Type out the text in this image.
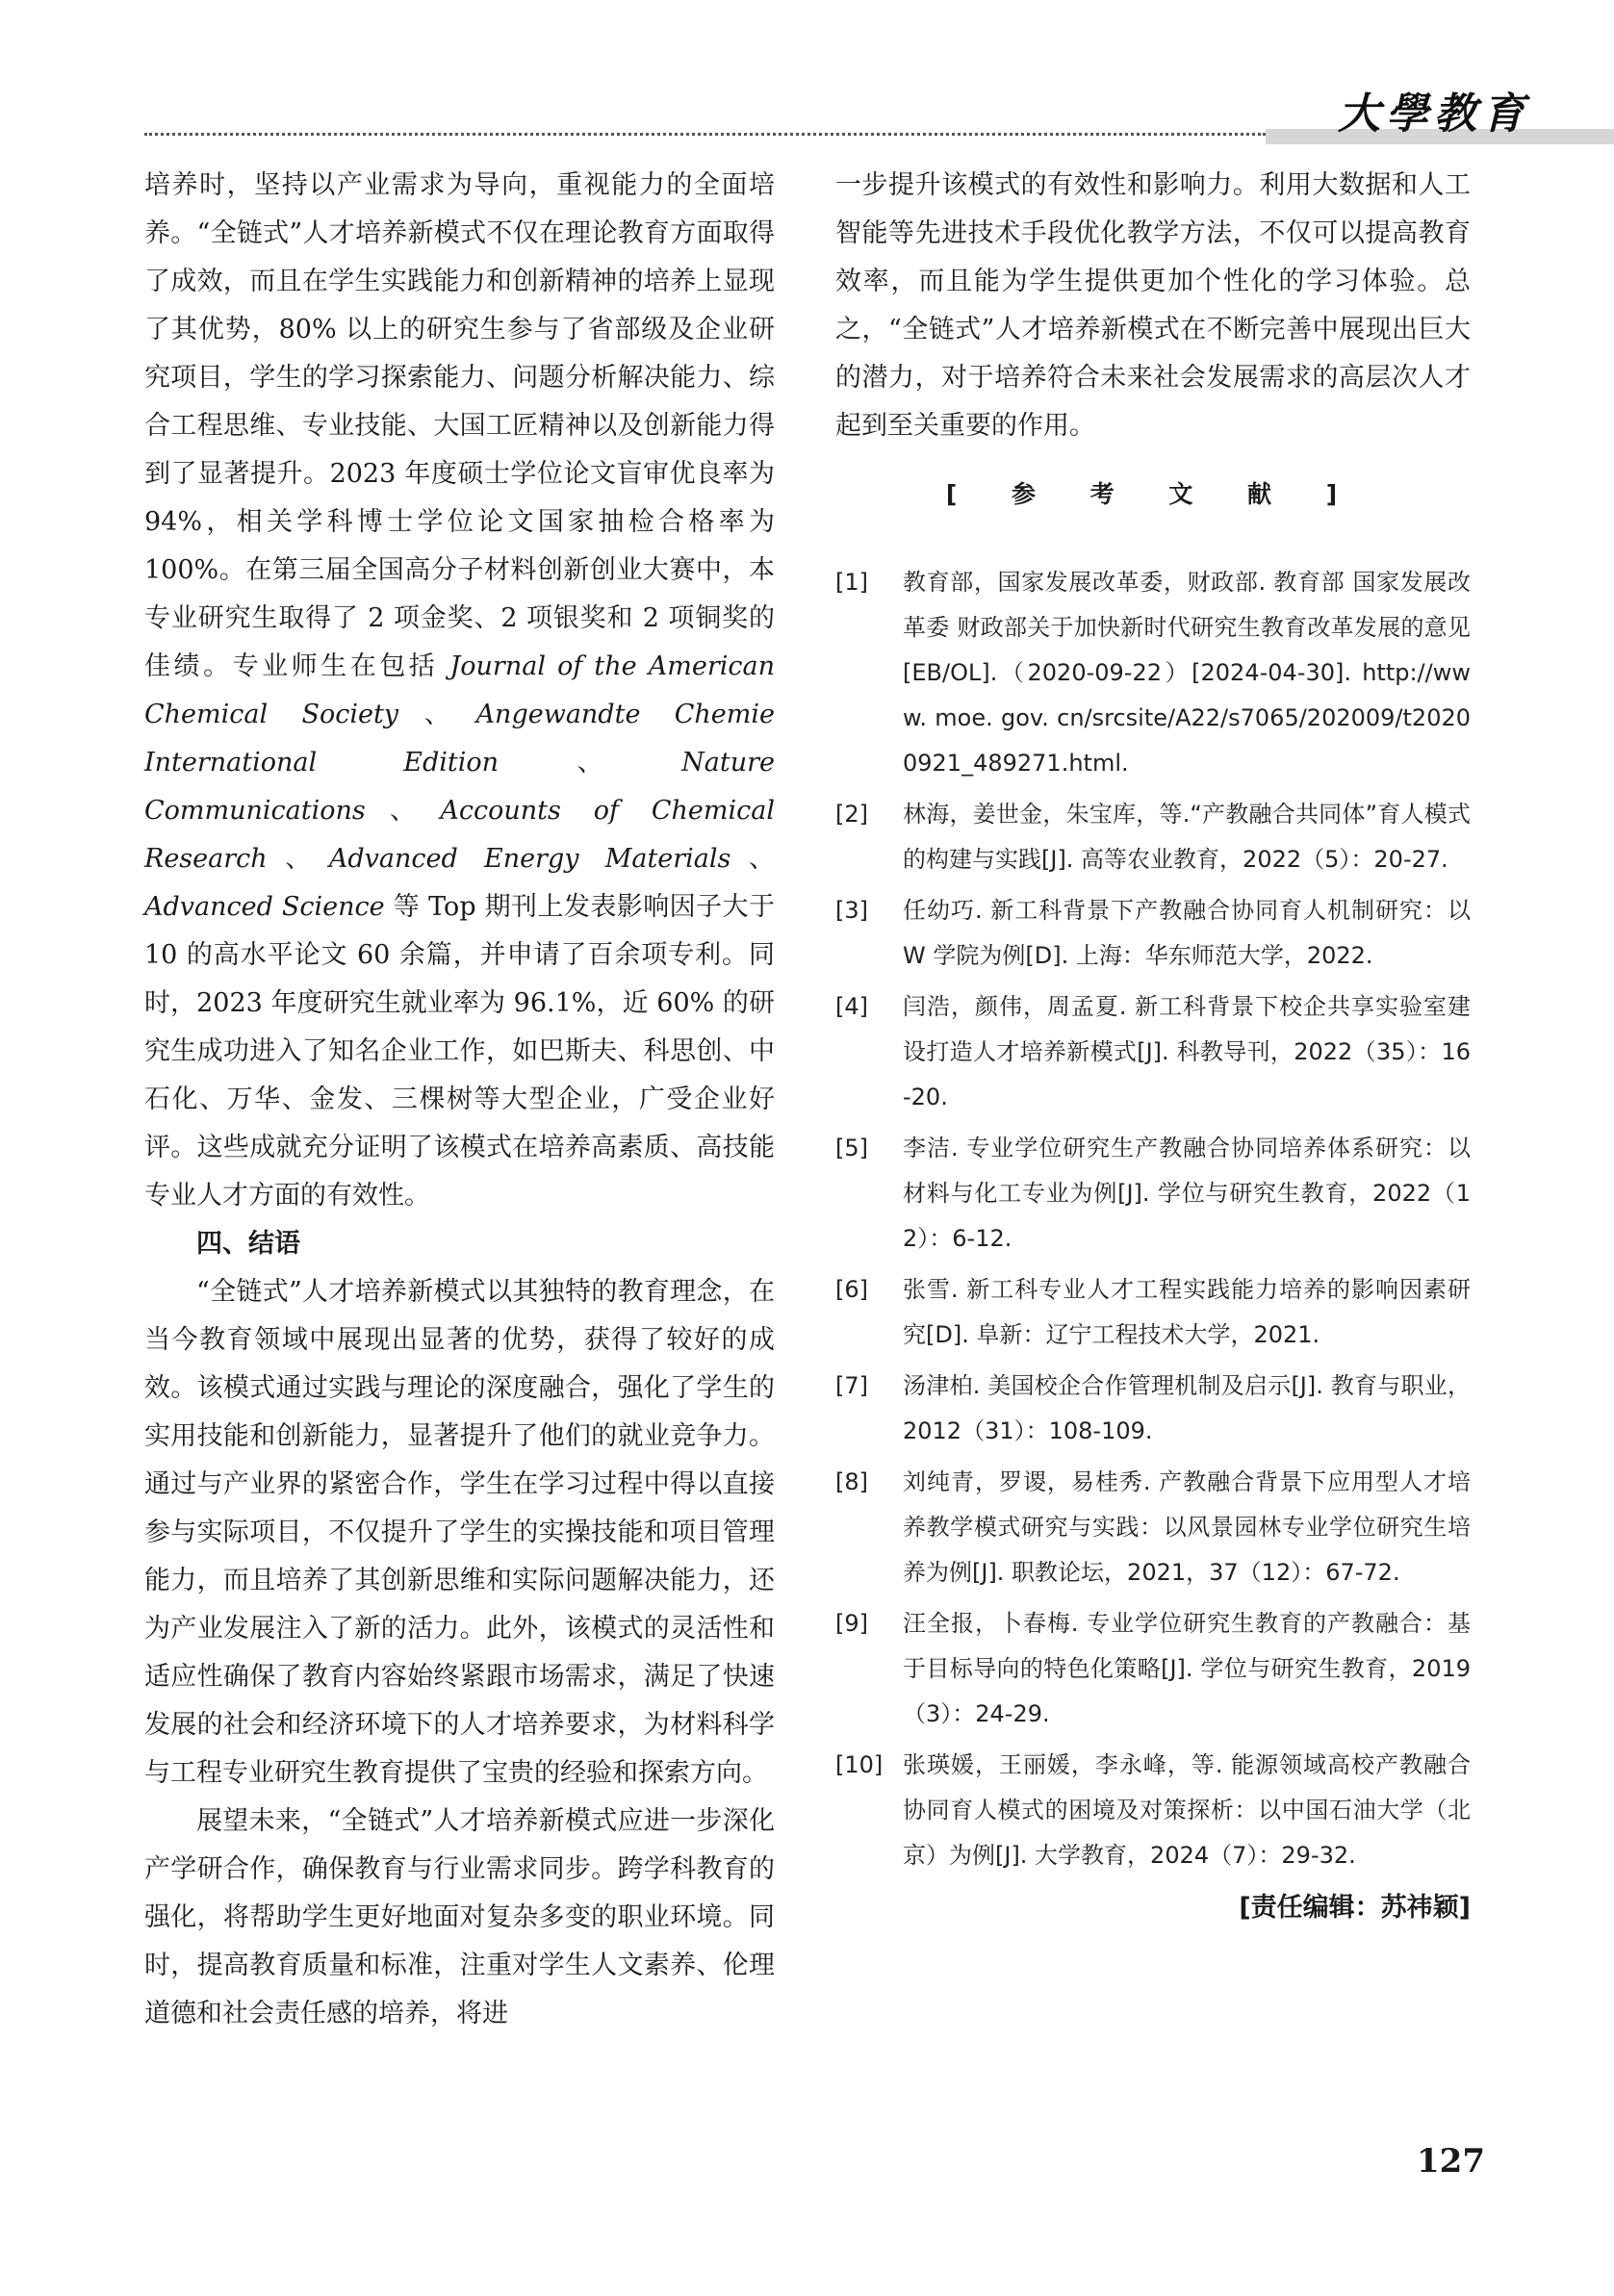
大學教育

培养时，坚持以产业需求为导向，重视能力的全面培养。“全链式”人才培养新模式不仅在理论教育方面取得了成效，而且在学生实践能力和创新精神的培养上显现了其优势，80% 以上的研究生参与了省部级及企业研究项目，学生的学习探索能力、问题分析解决能力、综合工程思维、专业技能、大国工匠精神以及创新能力得到了显著提升。2023 年度硕士学位论文盲审优良率为 94%，相关学科博士学位论文国家抽检合格率为 100%。在第三届全国高分子材料创新创业大赛中，本专业研究生取得了 2 项金奖、2 项银奖和 2 项铜奖的佳绩。专业师生在包括 Journal of the American Chemical Society、Angewandte Chemie International Edition、Nature Communications、Accounts of Chemical Research、Advanced Energy Materials、Advanced Science 等 Top 期刊上发表影响因子大于 10 的高水平论文 60 余篇，并申请了百余项专利。同时，2023 年度研究生就业率为 96.1%，近 60% 的研究生成功进入了知名企业工作，如巴斯夫、科思创、中石化、万华、金发、三棵树等大型企业，广受企业好评。这些成就充分证明了该模式在培养高素质、高技能专业人才方面的有效性。

四、结语

“全链式”人才培养新模式以其独特的教育理念，在当今教育领域中展现出显著的优势，获得了较好的成效。该模式通过实践与理论的深度融合，强化了学生的实用技能和创新能力，显著提升了他们的就业竞争力。通过与产业界的紧密合作，学生在学习过程中得以直接参与实际项目，不仅提升了学生的实操技能和项目管理能力，而且培养了其创新思维和实际问题解决能力，还为产业发展注入了新的活力。此外，该模式的灵活性和适应性确保了教育内容始终紧跟市场需求，满足了快速发展的社会和经济环境下的人才培养要求，为材料科学与工程专业研究生教育提供了宝贵的经验和探索方向。

展望未来，“全链式”人才培养新模式应进一步深化产学研合作，确保教育与行业需求同步。跨学科教育的强化，将帮助学生更好地面对复杂多变的职业环境。同时，提高教育质量和标准，注重对学生人文素养、伦理道德和社会责任感的培养，将进

一步提升该模式的有效性和影响力。利用大数据和人工智能等先进技术手段优化教学方法，不仅可以提高教育效率，而且能为学生提供更加个性化的学习体验。总之，“全链式”人才培养新模式在不断完善中展现出巨大的潜力，对于培养符合未来社会发展需求的高层次人才起到至关重要的作用。

[ 参 考 文 献 ]
[1]	教育部，国家发展改革委，财政部. 教育部 国家发展改革委 财政部关于加快新时代研究生教育改革发展的意见[EB/OL].（2020-09-22）[2024-04-30]. http://www. moe. gov. cn/srcsite/A22/s7065/202009/t20200921_489271.html.
[2]	林海，姜世金，朱宝库，等.“产教融合共同体”育人模式的构建与实践[J]. 高等农业教育，2022（5）：20-27.
[3]	任幼巧. 新工科背景下产教融合协同育人机制研究：以 W 学院为例[D]. 上海：华东师范大学，2022.
[4]	闫浩，颜伟，周孟夏. 新工科背景下校企共享实验室建设打造人才培养新模式[J]. 科教导刊，2022（35）：16-20.
[5]	李洁. 专业学位研究生产教融合协同培养体系研究：以材料与化工专业为例[J]. 学位与研究生教育，2022（12）：6-12.
[6]	张雪. 新工科专业人才工程实践能力培养的影响因素研究[D]. 阜新：辽宁工程技术大学，2021.
[7]	汤津柏. 美国校企合作管理机制及启示[J]. 教育与职业，2012（31）：108-109.
[8]	刘纯青，罗谡，易桂秀. 产教融合背景下应用型人才培养教学模式研究与实践：以风景园林专业学位研究生培养为例[J]. 职教论坛，2021，37（12）：67-72.
[9]	汪全报，卜春梅. 专业学位研究生教育的产教融合：基于目标导向的特色化策略[J]. 学位与研究生教育，2019（3）：24-29.
[10] 张瑛媛，王丽媛，李永峰，等. 能源领域高校产教融合协同育人模式的困境及对策探析：以中国石油大学（北京）为例[J]. 大学教育，2024（7）：29-32.
[责任编辑：苏祎颖]
127
